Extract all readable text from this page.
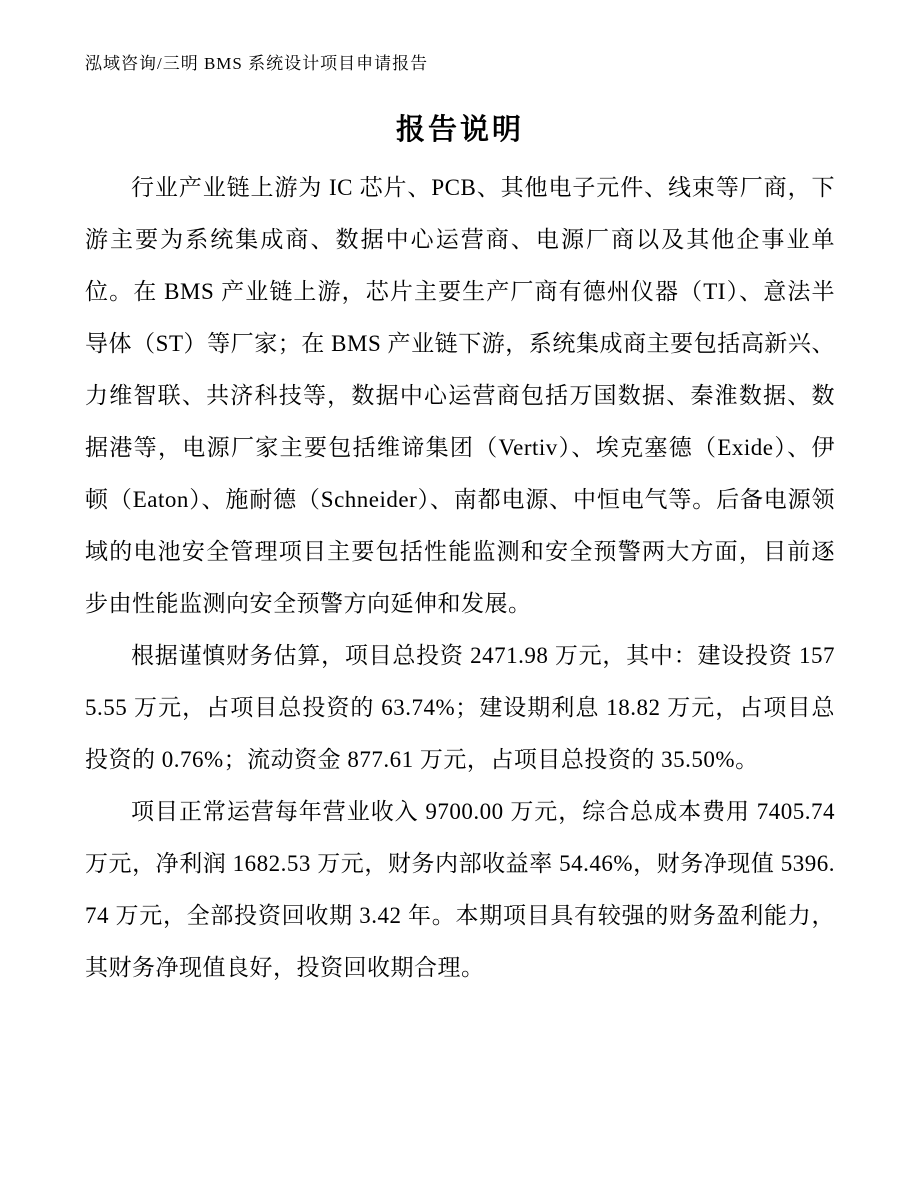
泓域咨询/三明 BMS 系统设计项目申请报告
报告说明

行业产业链上游为 IC 芯片、PCB、其他电子元件、线束等厂商，下游主要为系统集成商、数据中心运营商、电源厂商以及其他企事业单位。在 BMS 产业链上游，芯片主要生产厂商有德州仪器（TI）、意法半导体（ST）等厂家；在 BMS 产业链下游，系统集成商主要包括高新兴、力维智联、共济科技等，数据中心运营商包括万国数据、秦淮数据、数据港等，电源厂家主要包括维谛集团（Vertiv）、埃克塞德（Exide）、伊顿（Eaton）、施耐德（Schneider）、南都电源、中恒电气等。后备电源领域的电池安全管理项目主要包括性能监测和安全预警两大方面，目前逐步由性能监测向安全预警方向延伸和发展。

根据谨慎财务估算，项目总投资 2471.98 万元，其中：建设投资 1575.55 万元，占项目总投资的 63.74%；建设期利息 18.82 万元，占项目总投资的 0.76%；流动资金 877.61 万元，占项目总投资的 35.50%。

项目正常运营每年营业收入 9700.00 万元，综合总成本费用 7405.74 万元，净利润 1682.53 万元，财务内部收益率 54.46%，财务净现值 5396.74 万元，全部投资回收期 3.42 年。本期项目具有较强的财务盈利能力，其财务净现值良好，投资回收期合理。
